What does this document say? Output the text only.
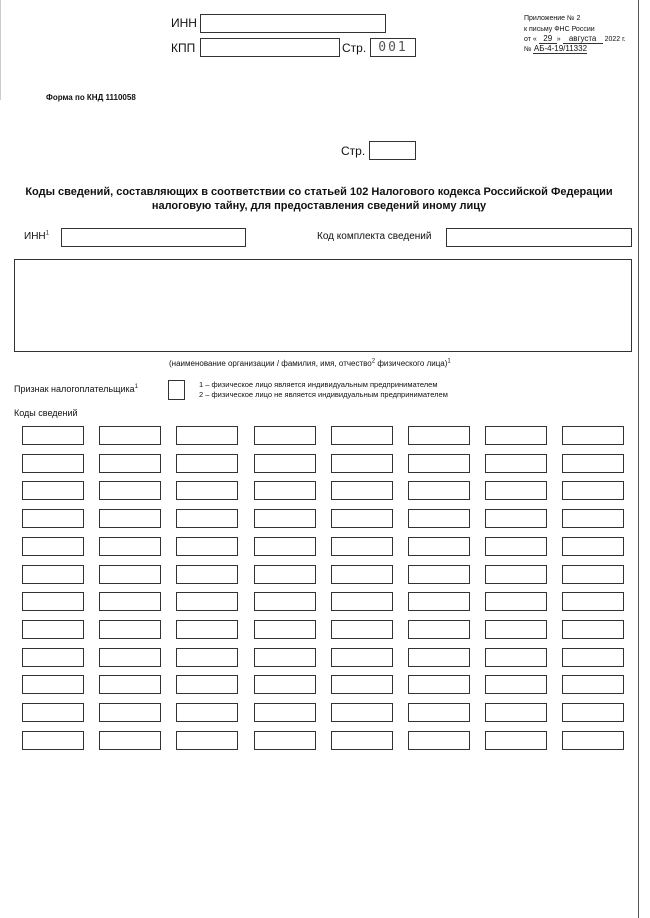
ИНН
КПП	Стр. 001
Приложение № 2
к письму ФНС России
от « 29 » августа 2022 г.
№ АБ-4-19/11332
Форма по КНД 1110058
Стр.
Коды сведений, составляющих в соответствии со статьей 102 Налогового кодекса Российской Федерации
налоговую тайну, для предоставления сведений иному лицу
ИНН$^1$	Код комплекта сведений
(наименование организации / фамилия, имя, отчество$^2$ физического лица)$^1$
Признак налогоплательщика$^1$	1 – физическое лицо является индивидуальным предпринимателем
2 – физическое лицо не является индивидуальным предпринимателем
Коды сведений
